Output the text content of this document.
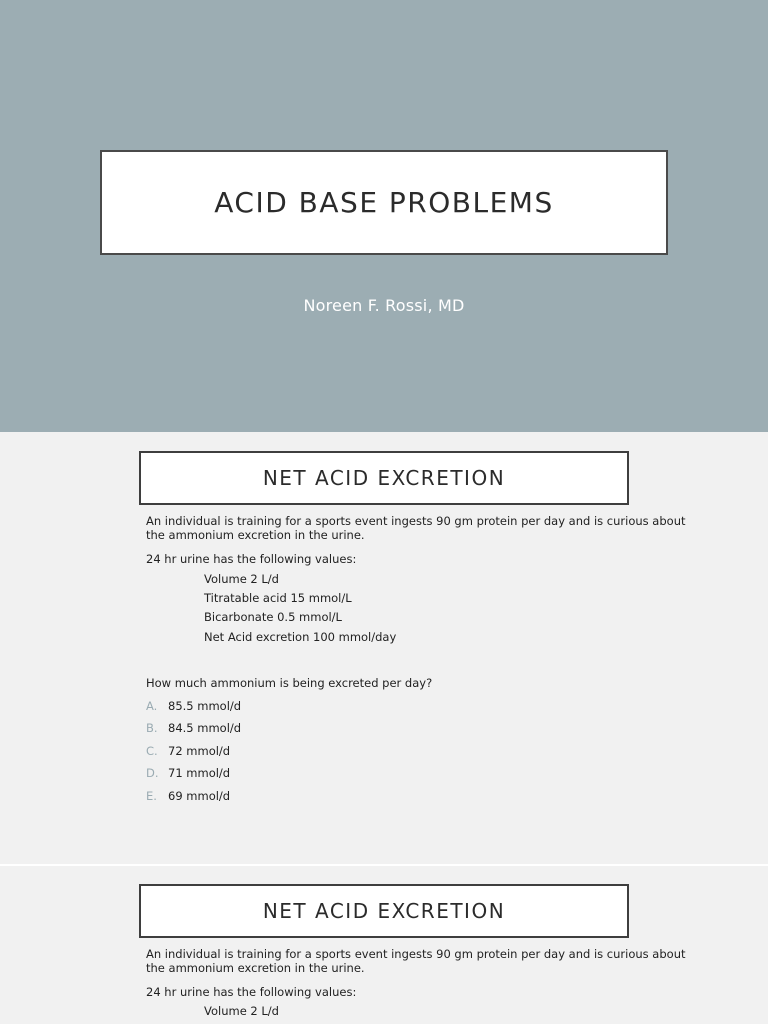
ACID BASE PROBLEMS
Noreen F. Rossi, MD
NET ACID EXCRETION
An individual is training for a sports event ingests 90 gm protein per day and is curious about the ammonium excretion in the urine.
24 hr urine has the following values:
Volume 2 L/d
Titratable acid 15 mmol/L
Bicarbonate 0.5 mmol/L
Net Acid excretion 100 mmol/day
How much ammonium is being excreted per day?
A. 85.5 mmol/d
B. 84.5 mmol/d
C. 72 mmol/d
D. 71 mmol/d
E. 69 mmol/d
NET ACID EXCRETION
An individual is training for a sports event ingests 90 gm protein per day and is curious about the ammonium excretion in the urine.
24 hr urine has the following values:
Volume 2 L/d
